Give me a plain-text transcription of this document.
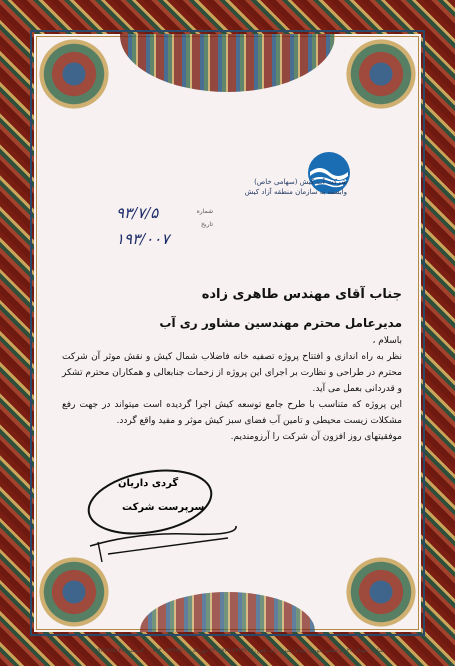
شرکت آب کیش (سهامی خاص)
وابسته به سازمان منطقه آزاد کیش
شماره
تاریخ
۹۳/۷/۵
۱۹۳/۰۰۷
جناب آقای مهندس طاهری زاده
مدیرعامل محترم مهندسین مشاور ری آب
باسلام ،

نظر به راه اندازی و افتتاح پروژه تصفیه خانه فاضلاب شمال کیش و نقش موثر آن شرکت محترم در طراحی و نظارت بر اجرای این پروژه از زحمات جنابعالی و همکاران محترم تشکر و قدردانی بعمل می آید.

این پروژه که متناسب با طرح جامع توسعه کیش اجرا گردیده است میتواند در جهت رفع مشکلات زیست محیطی و تامین آب فضای سبز کیش موثر و مفید واقع گردد.

موفقیتهای روز افزون آن شرکت را آرزومندیم.

گردی داریان
سرپرست شرکت
نشانی: میدان ۲۴ الرحمانی خوش، میدان پلیس راه، تلفن: ۴۴۲۳۷۲۲-۴۴۲۳۷۴۷ دورنگار: ۴۴۲۳۸۰۰ - ۰۷۶۴ - کدپستی ۷۹۴۱۶۶۸۱۳۷
